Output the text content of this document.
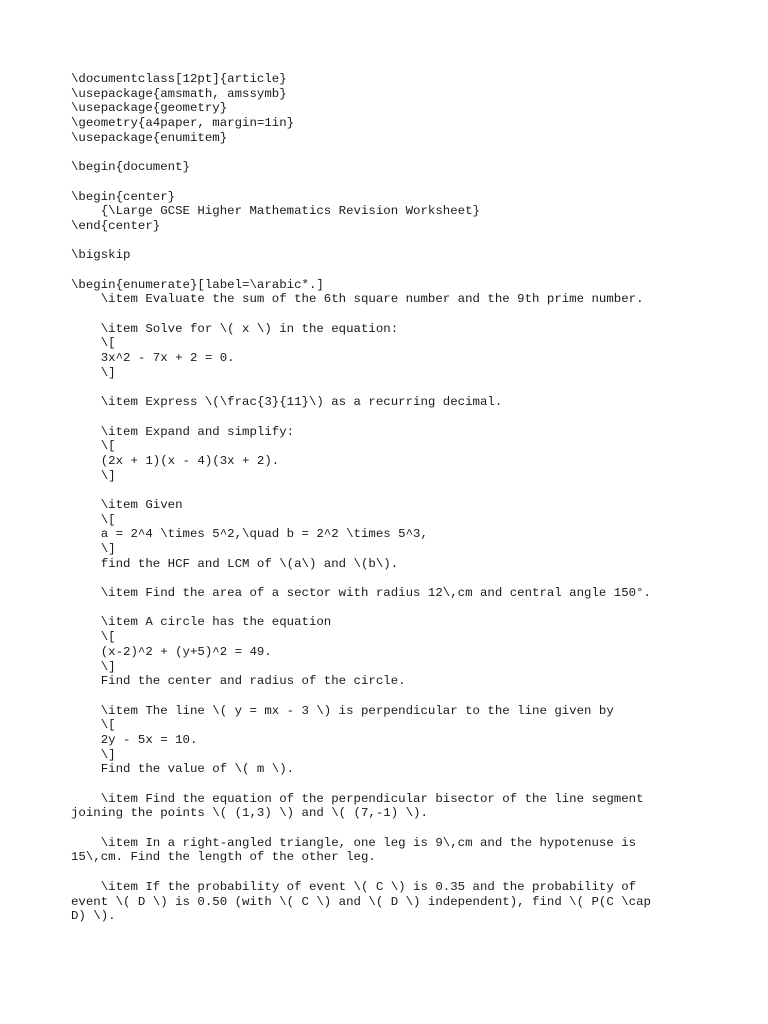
\documentclass[12pt]{article}
\usepackage{amsmath, amssymb}
\usepackage{geometry}
\geometry{a4paper, margin=1in}
\usepackage{enumitem}
\begin{document}
\begin{center}
{\Large GCSE Higher Mathematics Revision Worksheet}
\end{center}
\bigskip
\begin{enumerate}[label=\arabic*.]
\item Evaluate the sum of the 6th square number and the 9th prime number.
\item Solve for \( x \) in the equation:
\[
3x^2 - 7x + 2 = 0.
\]
\item Express \(\frac{3}{11}\) as a recurring decimal.
\item Expand and simplify:
\[
(2x + 1)(x - 4)(3x + 2).
\]
\item Given
\[
a = 2^4 \times 5^2,\quad b = 2^2 \times 5^3,
\]
find the HCF and LCM of \(a\) and \(b\).
\item Find the area of a sector with radius 12\,cm and central angle 150°.
\item A circle has the equation
\[
(x-2)^2 + (y+5)^2 = 49.
\]
Find the center and radius of the circle.
\item The line \( y = mx - 3 \) is perpendicular to the line given by
\[
2y - 5x = 10.
\]
Find the value of \( m \).
\item Find the equation of the perpendicular bisector of the line segment
joining the points \( (1,3) \) and \( (7,-1) \).
\item In a right-angled triangle, one leg is 9\,cm and the hypotenuse is
15\,cm. Find the length of the other leg.
\item If the probability of event \( C \) is 0.35 and the probability of
event \( D \) is 0.50 (with \( C \) and \( D \) independent), find \( P(C \cap
D) \).
